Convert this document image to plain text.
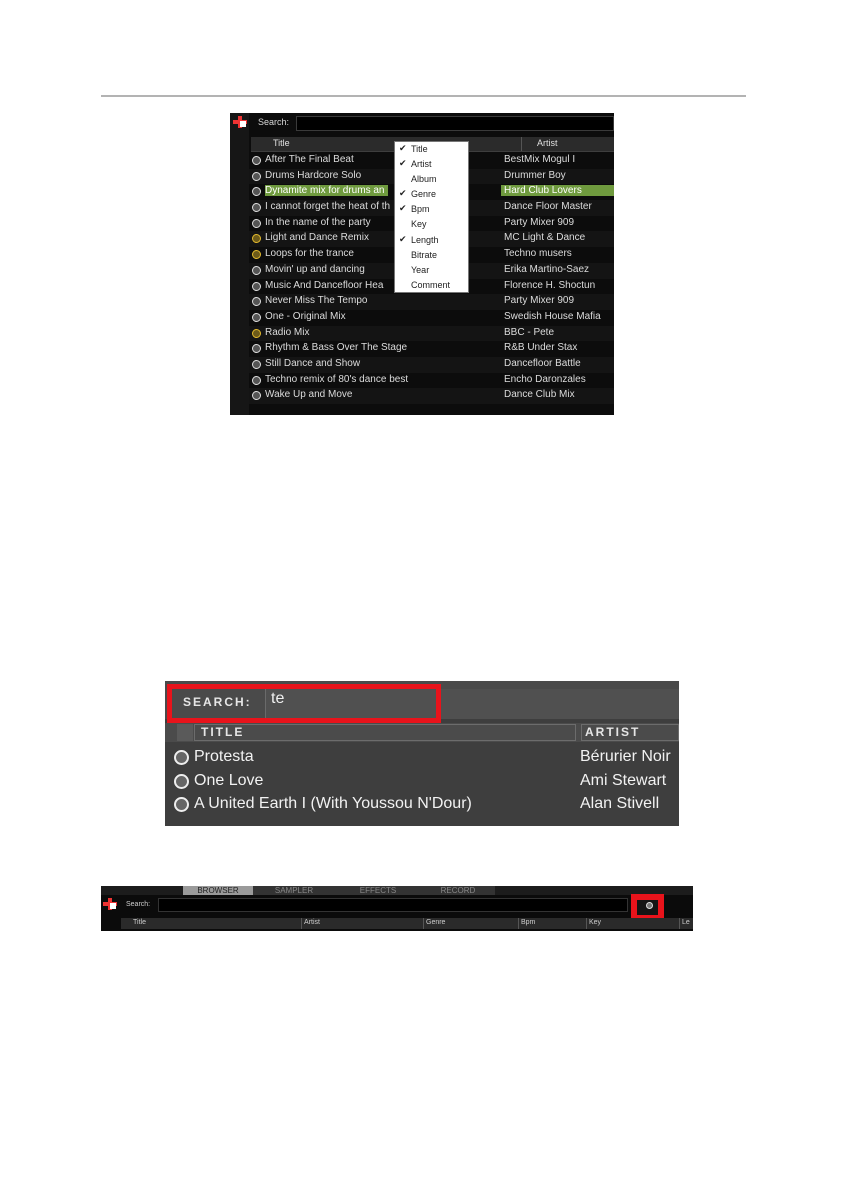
Search:
Title	Artist
After The Final Beat	BestMix Mogul I
Drums Hardcore Solo	Drummer Boy
Dynamite mix for drums an	Hard Club Lovers
I cannot forget the heat of th	Dance Floor Master
In the name of the party	Party Mixer 909
Light and Dance Remix	MC Light & Dance
Loops for the trance	Techno musers
Movin' up and dancing	Erika Martino-Saez
Music And Dancefloor Hea	Florence H. Shoctun
Never Miss The Tempo	Party Mixer 909
One - Original Mix	Swedish House Mafia
Radio Mix	BBC - Pete
Rhythm & Bass Over The Stage	R&B Under Stax
Still Dance and Show	Dancefloor Battle
Techno remix of 80's dance best	Encho Daronzales
Wake Up and Move	Dance Club Mix
✔ Title
✔ Artist
Album
✔ Genre
✔ Bpm
Key
✔ Length
Bitrate
Year
Comment
SEARCH: te
TITLE	ARTIST
Protesta	Bérurier Noir
One Love	Ami Stewart
A United Earth I (With Youssou N'Dour)	Alan Stivell
BROWSER	SAMPLER	EFFECTS	RECORD
Search:
Title	Artist	Genre	Bpm	Key	Le
